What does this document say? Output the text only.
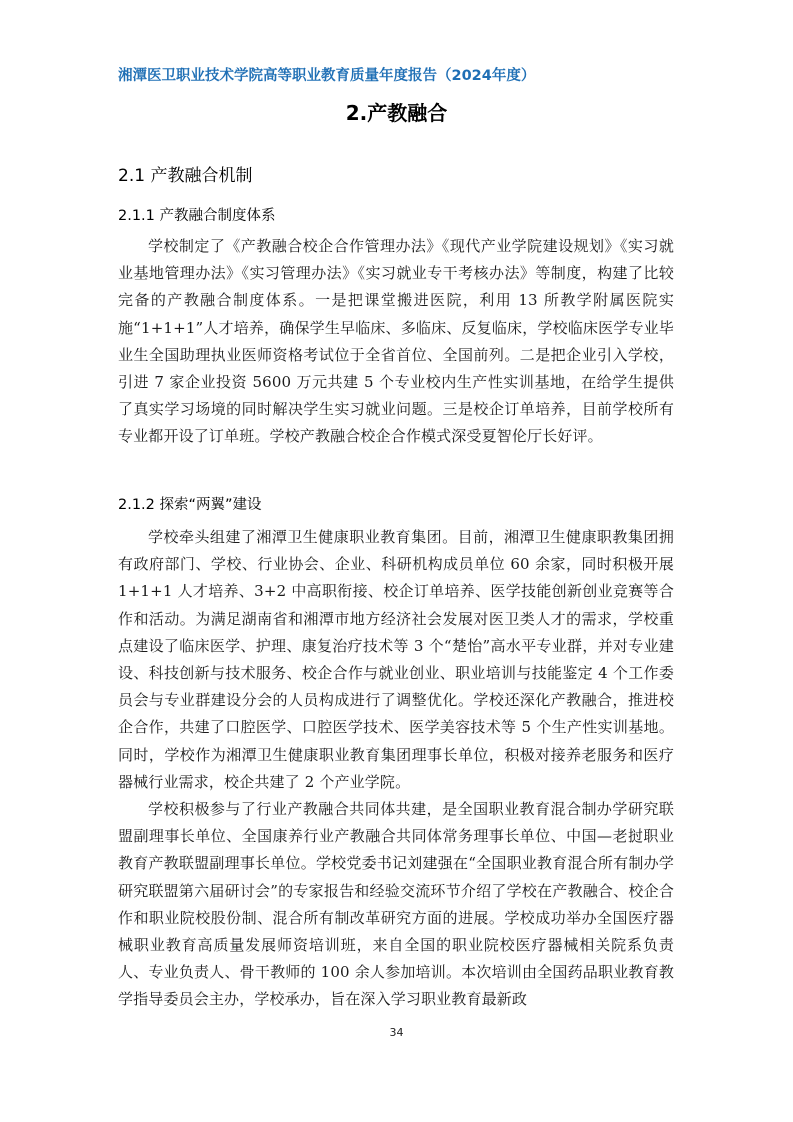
湘潭医卫职业技术学院高等职业教育质量年度报告（2024年度）
2.产教融合
2.1 产教融合机制
2.1.1 产教融合制度体系

学校制定了《产教融合校企合作管理办法》《现代产业学院建设规划》《实习就业基地管理办法》《实习管理办法》《实习就业专干考核办法》等制度，构建了比较完备的产教融合制度体系。一是把课堂搬进医院，利用 13 所教学附属医院实施“1+1+1”人才培养，确保学生早临床、多临床、反复临床，学校临床医学专业毕业生全国助理执业医师资格考试位于全省首位、全国前列。二是把企业引入学校，引进 7 家企业投资 5600 万元共建 5 个专业校内生产性实训基地，在给学生提供了真实学习场境的同时解决学生实习就业问题。三是校企订单培养，目前学校所有专业都开设了订单班。学校产教融合校企合作模式深受夏智伦厅长好评。

2.1.2 探索“两翼”建设

学校牵头组建了湘潭卫生健康职业教育集团。目前，湘潭卫生健康职教集团拥有政府部门、学校、行业协会、企业、科研机构成员单位 60 余家，同时积极开展 1+1+1 人才培养、3+2 中高职衔接、校企订单培养、医学技能创新创业竞赛等合作和活动。为满足湖南省和湘潭市地方经济社会发展对医卫类人才的需求，学校重点建设了临床医学、护理、康复治疗技术等 3 个“楚怡”高水平专业群，并对专业建设、科技创新与技术服务、校企合作与就业创业、职业培训与技能鉴定 4 个工作委员会与专业群建设分会的人员构成进行了调整优化。学校还深化产教融合，推进校企合作，共建了口腔医学、口腔医学技术、医学美容技术等 5 个生产性实训基地。同时，学校作为湘潭卫生健康职业教育集团理事长单位，积极对接养老服务和医疗器械行业需求，校企共建了 2 个产业学院。

学校积极参与了行业产教融合共同体共建，是全国职业教育混合制办学研究联盟副理事长单位、全国康养行业产教融合共同体常务理事长单位、中国—老挝职业教育产教联盟副理事长单位。学校党委书记刘建强在“全国职业教育混合所有制办学研究联盟第六届研讨会”的专家报告和经验交流环节介绍了学校在产教融合、校企合作和职业院校股份制、混合所有制改革研究方面的进展。学校成功举办全国医疗器械职业教育高质量发展师资培训班，来自全国的职业院校医疗器械相关院系负责人、专业负责人、骨干教师的 100 余人参加培训。本次培训由全国药品职业教育教学指导委员会主办，学校承办，旨在深入学习职业教育最新政

34
